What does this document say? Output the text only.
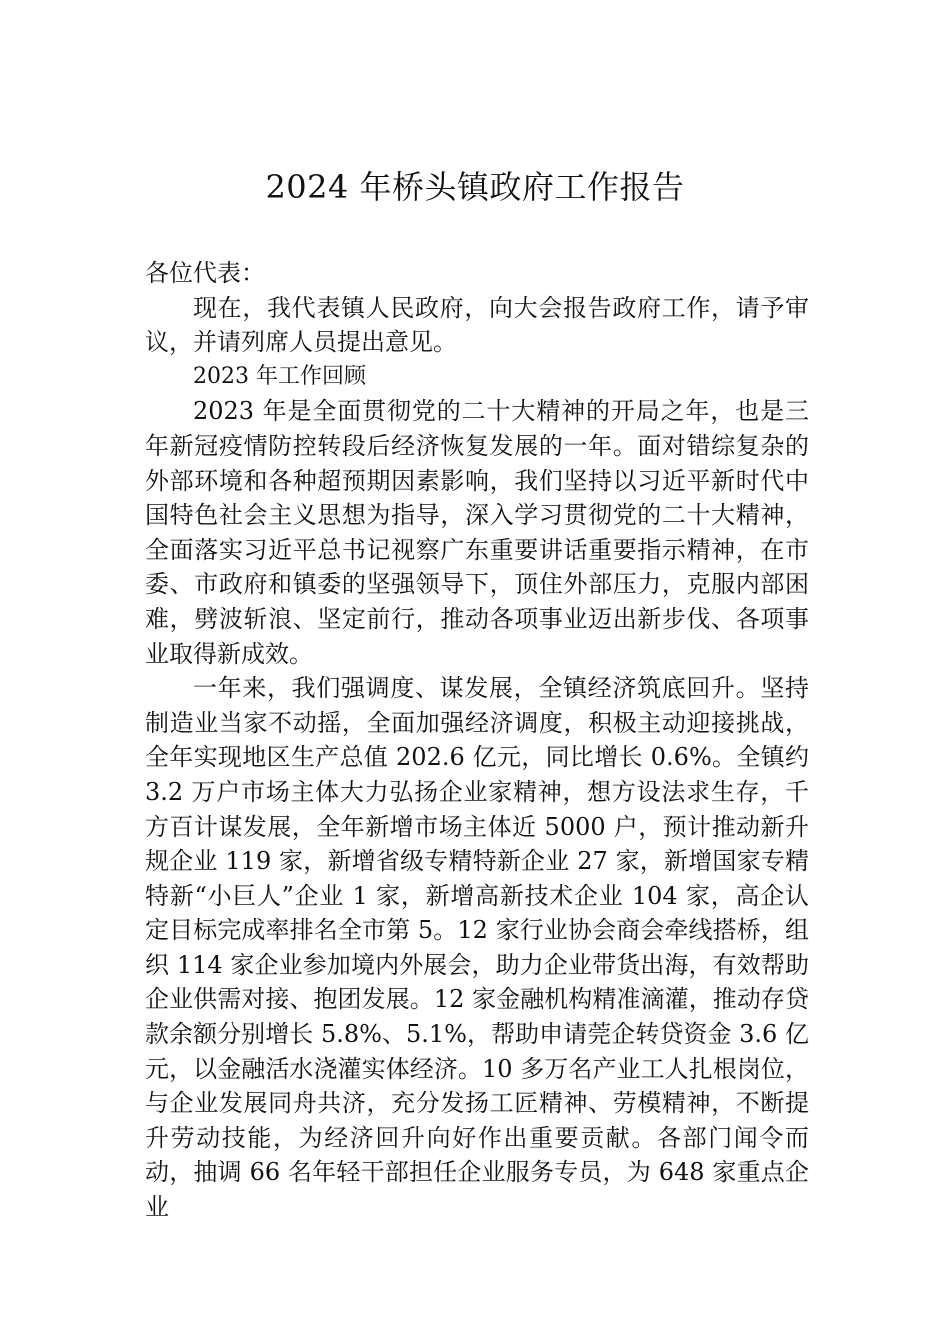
2024 年桥头镇政府工作报告

各位代表：

现在，我代表镇人民政府，向大会报告政府工作，请予审议，并请列席人员提出意见。

2023 年工作回顾

2023 年是全面贯彻党的二十大精神的开局之年，也是三年新冠疫情防控转段后经济恢复发展的一年。面对错综复杂的外部环境和各种超预期因素影响，我们坚持以习近平新时代中国特色社会主义思想为指导，深入学习贯彻党的二十大精神，全面落实习近平总书记视察广东重要讲话重要指示精神，在市委、市政府和镇委的坚强领导下，顶住外部压力，克服内部困难，劈波斩浪、坚定前行，推动各项事业迈出新步伐、各项事业取得新成效。

一年来，我们强调度、谋发展，全镇经济筑底回升。坚持制造业当家不动摇，全面加强经济调度，积极主动迎接挑战，全年实现地区生产总值 202.6 亿元，同比增长 0.6%。全镇约 3.2 万户市场主体大力弘扬企业家精神，想方设法求生存，千方百计谋发展，全年新增市场主体近 5000 户，预计推动新升规企业 119 家，新增省级专精特新企业 27 家，新增国家专精特新“小巨人”企业 1 家，新增高新技术企业 104 家，高企认定目标完成率排名全市第 5。12 家行业协会商会牵线搭桥，组织 114 家企业参加境内外展会，助力企业带货出海，有效帮助企业供需对接、抱团发展。12 家金融机构精准滴灌，推动存贷款余额分别增长 5.8%、5.1%，帮助申请莞企转贷资金 3.6 亿元，以金融活水浇灌实体经济。10 多万名产业工人扎根岗位，与企业发展同舟共济，充分发扬工匠精神、劳模精神，不断提升劳动技能，为经济回升向好作出重要贡献。各部门闻令而动，抽调 66 名年轻干部担任企业服务专员，为 648 家重点企业
